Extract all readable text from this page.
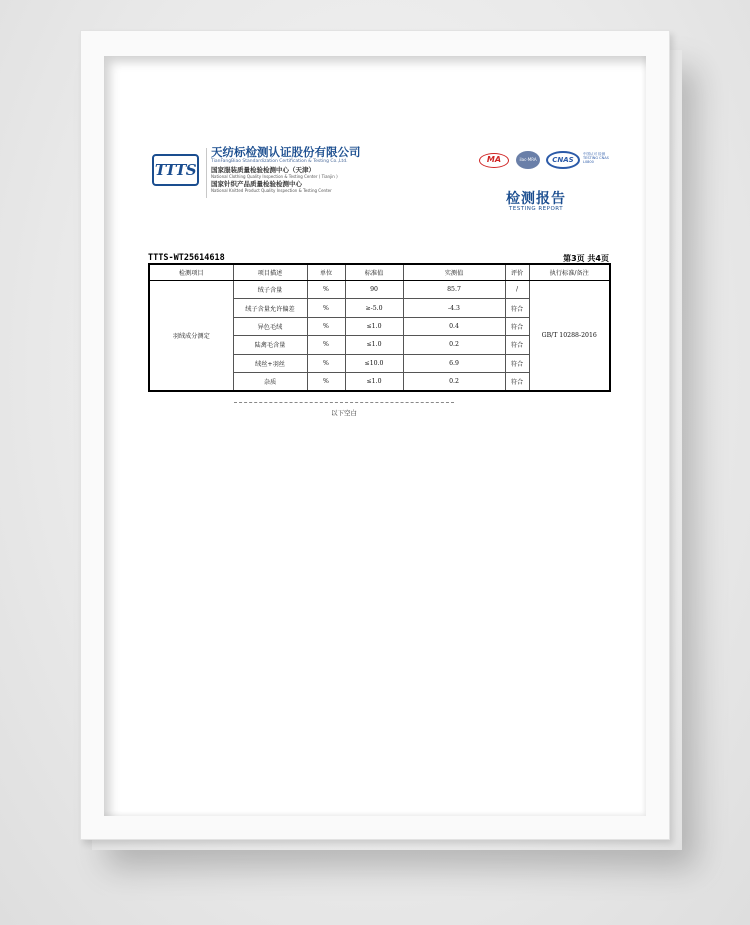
TTTS
天纺标检测认证股份有限公司
TianFangBiao Standardization Certification & Testing Co.,Ltd.
国家服装质量检验检测中心（天津）
National Clothing Quality Inspection & Testing Center ( Tianjin )
国家针织产品质量检验检测中心
National Knitted Product Quality Inspection & Testing Center
MA	ilac-MRA	CNAS
中国认可 检测 TESTING CNAS L0800
检测报告
TESTING REPORT
TTTS-WT25614618	第3页 共4页
检测项目	项目描述	单位	标准值	实测值	评价	执行标准/备注
羽绒成分测定	绒子含量	%	90	85.7	/	GB/T 10288-2016
	绒子含量允许偏差	%	≥-5.0	-4.3	符合	
	异色毛绒	%	≤1.0	0.4	符合	
	陆禽毛含量	%	≤1.0	0.2	符合	
	绒丝+羽丝	%	≤10.0	6.9	符合	
	杂质	%	≤1.0	0.2	符合	
以下空白
